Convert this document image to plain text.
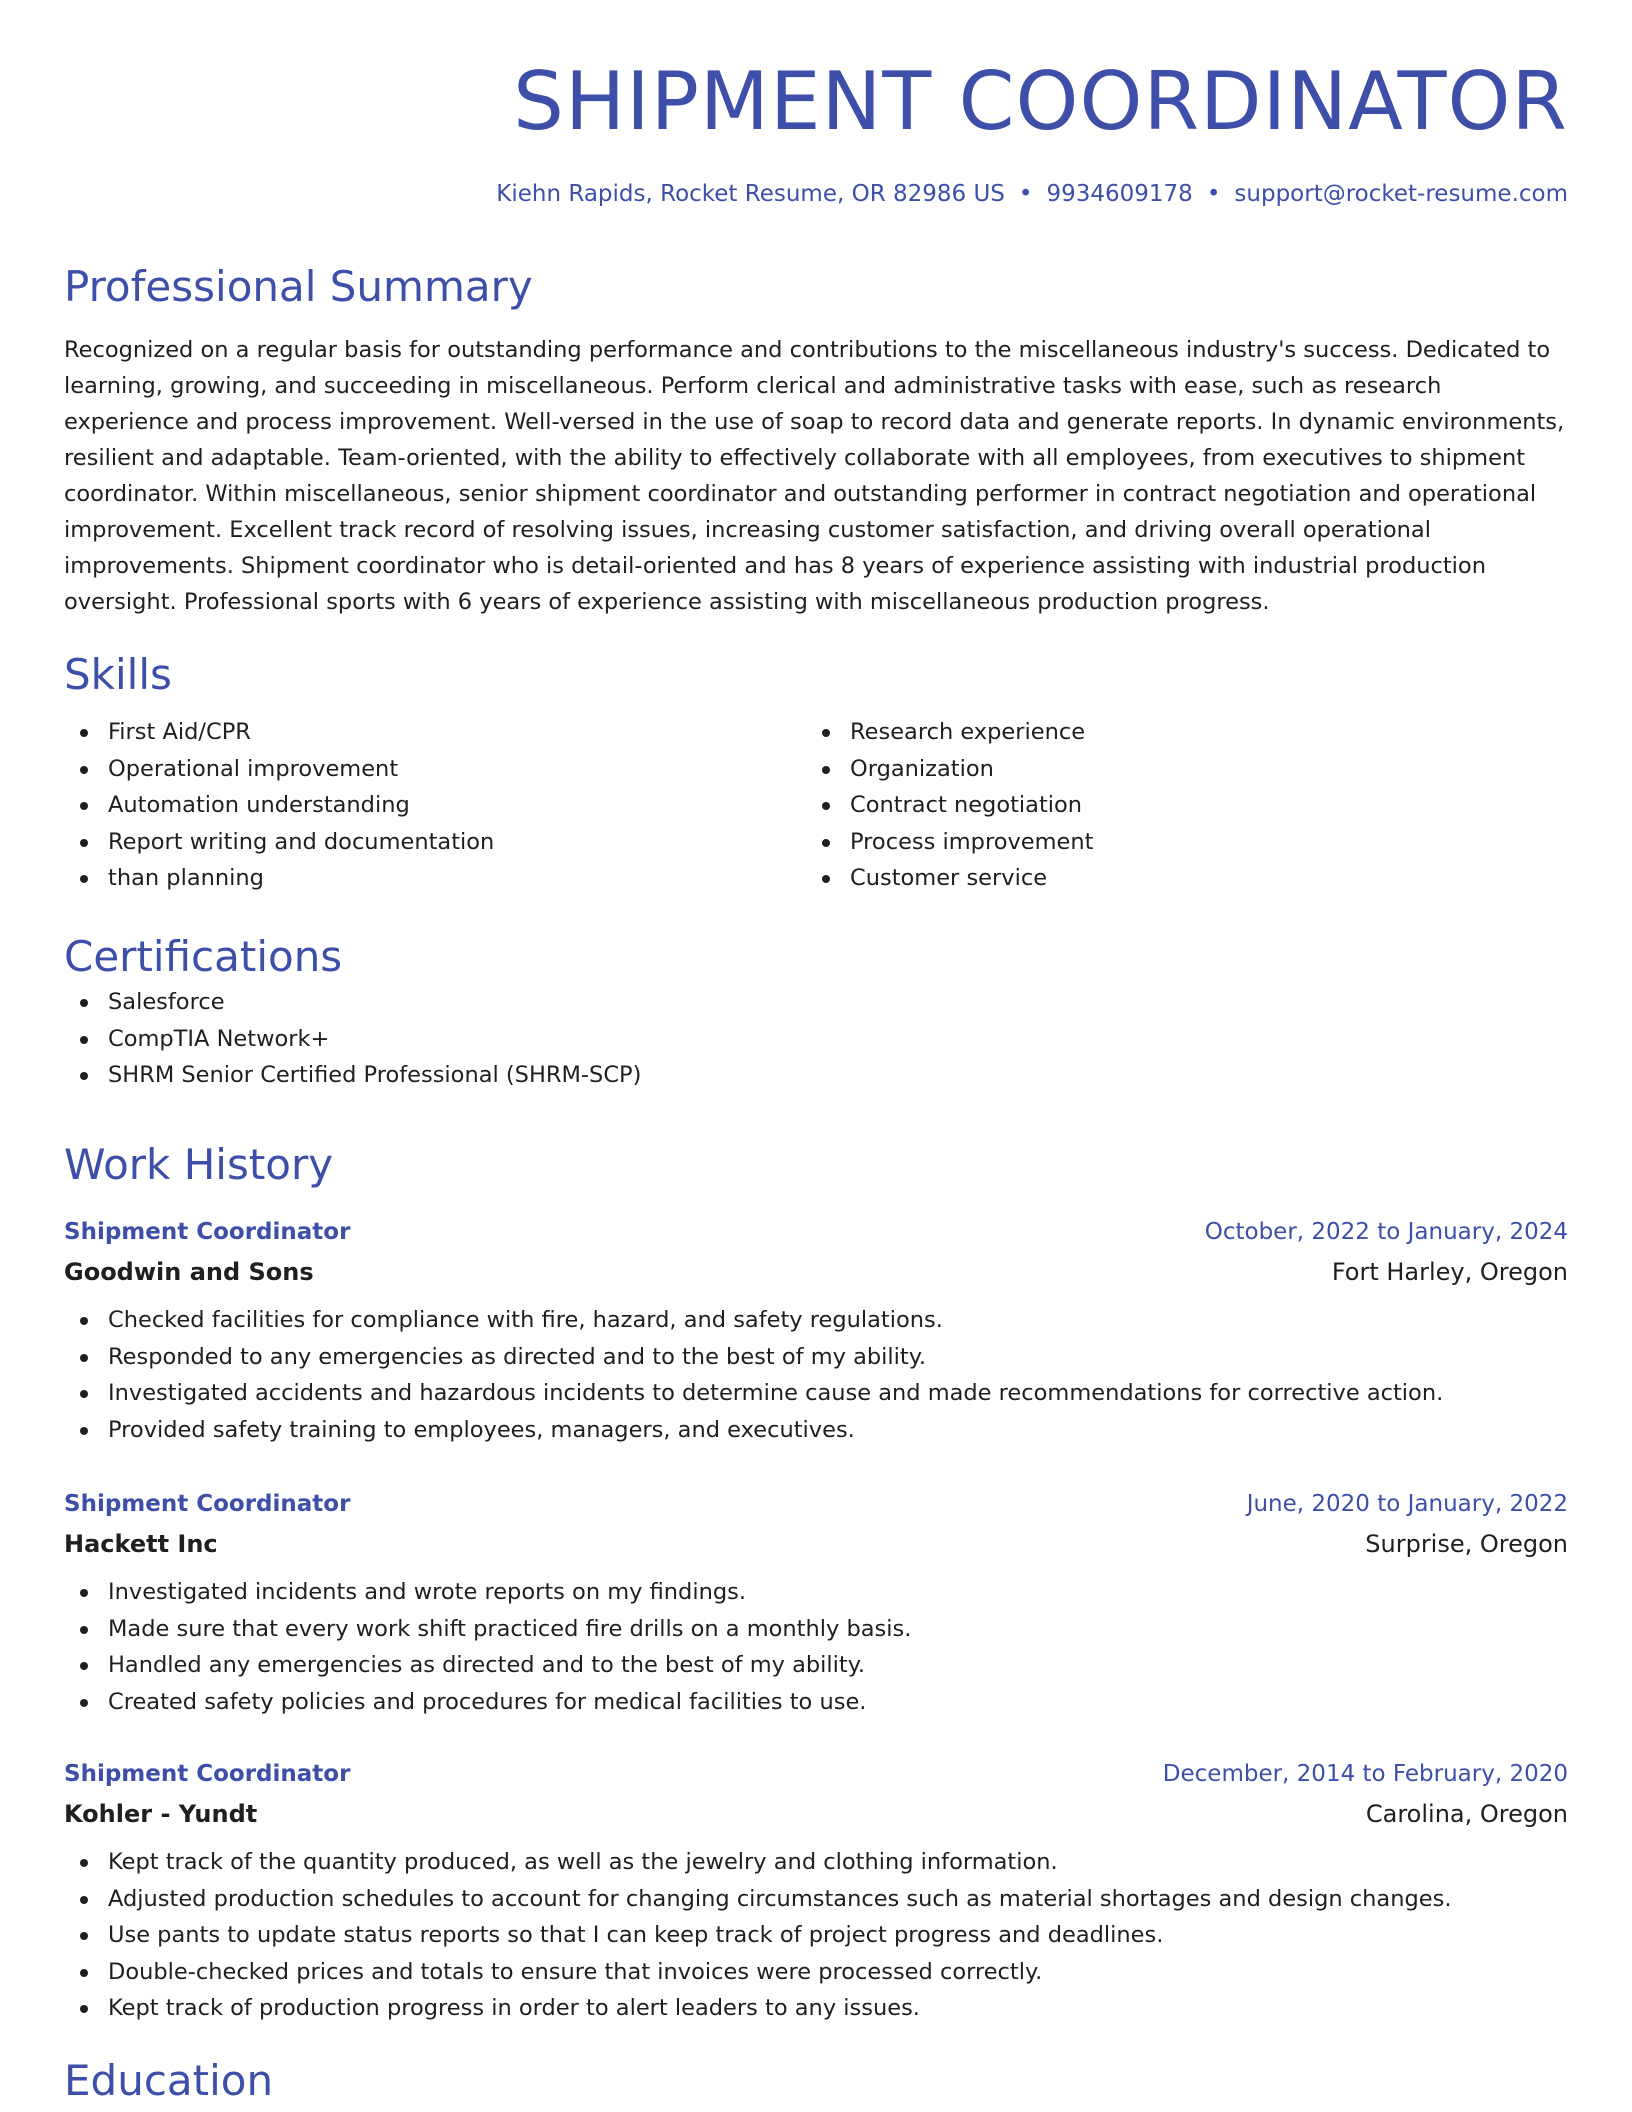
SHIPMENT COORDINATOR
Kiehn Rapids, Rocket Resume, OR 82986 US • 9934609178 • support@rocket-resume.com
Professional Summary
Recognized on a regular basis for outstanding performance and contributions to the miscellaneous industry's success. Dedicated to learning, growing, and succeeding in miscellaneous. Perform clerical and administrative tasks with ease, such as research experience and process improvement. Well-versed in the use of soap to record data and generate reports. In dynamic environments, resilient and adaptable. Team-oriented, with the ability to effectively collaborate with all employees, from executives to shipment coordinator. Within miscellaneous, senior shipment coordinator and outstanding performer in contract negotiation and operational improvement. Excellent track record of resolving issues, increasing customer satisfaction, and driving overall operational improvements. Shipment coordinator who is detail-oriented and has 8 years of experience assisting with industrial production oversight. Professional sports with 6 years of experience assisting with miscellaneous production progress.
Skills
First Aid/CPR
Operational improvement
Automation understanding
Report writing and documentation
than planning
Research experience
Organization
Contract negotiation
Process improvement
Customer service
Certifications
Salesforce
CompTIA Network+
SHRM Senior Certified Professional (SHRM-SCP)
Work History
Shipment Coordinator	October, 2022 to January, 2024
Goodwin and Sons	Fort Harley, Oregon
Checked facilities for compliance with fire, hazard, and safety regulations.
Responded to any emergencies as directed and to the best of my ability.
Investigated accidents and hazardous incidents to determine cause and made recommendations for corrective action.
Provided safety training to employees, managers, and executives.
Shipment Coordinator	June, 2020 to January, 2022
Hackett Inc	Surprise, Oregon
Investigated incidents and wrote reports on my findings.
Made sure that every work shift practiced fire drills on a monthly basis.
Handled any emergencies as directed and to the best of my ability.
Created safety policies and procedures for medical facilities to use.
Shipment Coordinator	December, 2014 to February, 2020
Kohler - Yundt	Carolina, Oregon
Kept track of the quantity produced, as well as the jewelry and clothing information.
Adjusted production schedules to account for changing circumstances such as material shortages and design changes.
Use pants to update status reports so that I can keep track of project progress and deadlines.
Double-checked prices and totals to ensure that invoices were processed correctly.
Kept track of production progress in order to alert leaders to any issues.
Education
